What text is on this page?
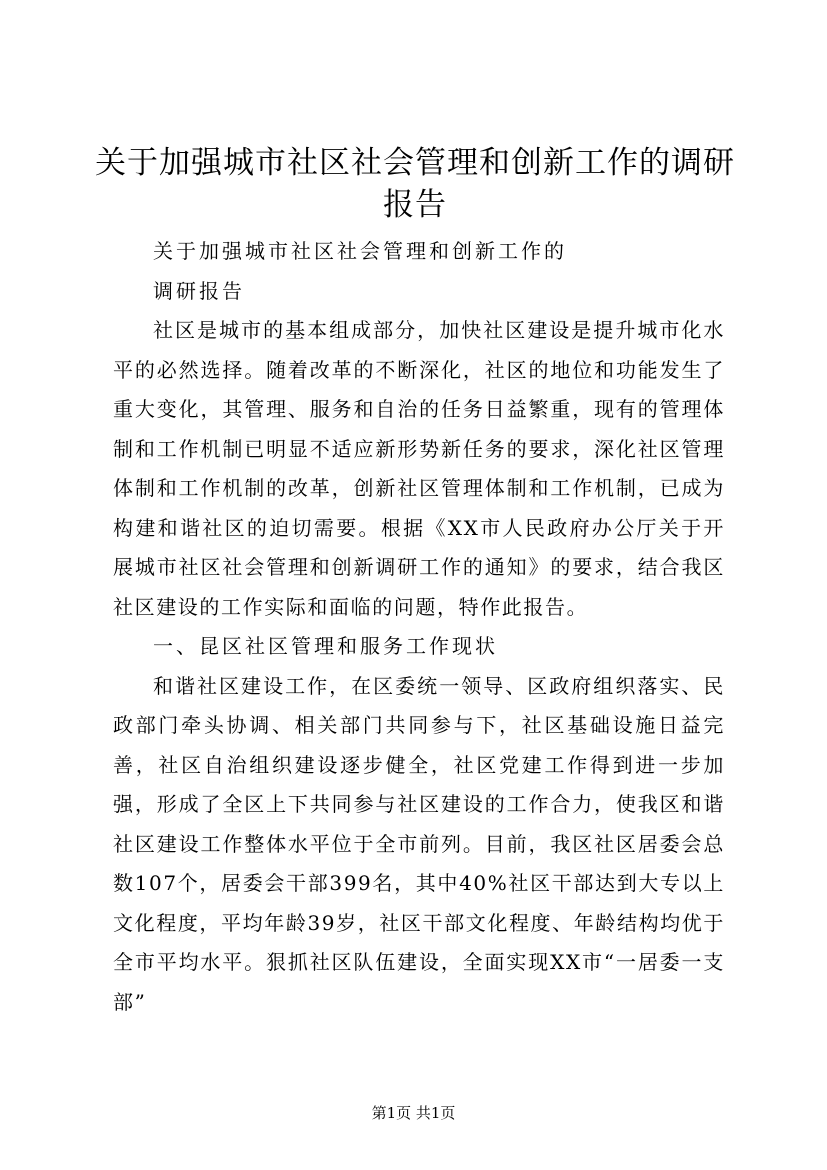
关于加强城市社区社会管理和创新工作的调研报告

关于加强城市社区社会管理和创新工作的

调研报告

社区是城市的基本组成部分，加快社区建设是提升城市化水平的必然选择。随着改革的不断深化，社区的地位和功能发生了重大变化，其管理、服务和自治的任务日益繁重，现有的管理体制和工作机制已明显不适应新形势新任务的要求，深化社区管理体制和工作机制的改革，创新社区管理体制和工作机制，已成为构建和谐社区的迫切需要。根据《XX市人民政府办公厅关于开展城市社区社会管理和创新调研工作的通知》的要求，结合我区社区建设的工作实际和面临的问题，特作此报告。

一、昆区社区管理和服务工作现状

和谐社区建设工作，在区委统一领导、区政府组织落实、民政部门牵头协调、相关部门共同参与下，社区基础设施日益完善，社区自治组织建设逐步健全，社区党建工作得到进一步加强，形成了全区上下共同参与社区建设的工作合力，使我区和谐社区建设工作整体水平位于全市前列。目前，我区社区居委会总数107个，居委会干部399名，其中40%社区干部达到大专以上文化程度，平均年龄39岁，社区干部文化程度、年龄结构均优于全市平均水平。狠抓社区队伍建设，全面实现XX市“一居委一支部”

第1页 共1页
